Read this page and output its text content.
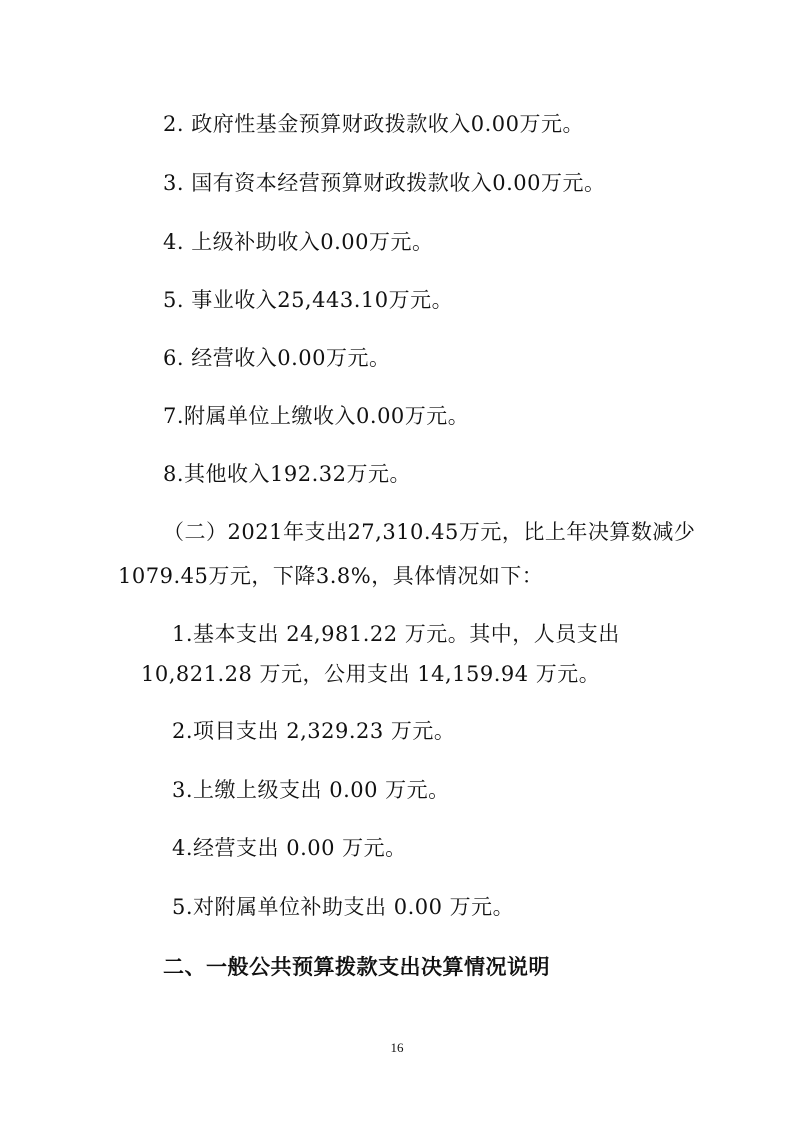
2. 政府性基金预算财政拨款收入0.00万元。
3. 国有资本经营预算财政拨款收入0.00万元。
4. 上级补助收入0.00万元。
5. 事业收入25,443.10万元。
6. 经营收入0.00万元。
7.附属单位上缴收入0.00万元。
8.其他收入192.32万元。
（二）2021年支出27,310.45万元，比上年决算数减少
1079.45万元，下降3.8%，具体情况如下：
1.基本支出 24,981.22 万元。其中，人员支出
10,821.28 万元，公用支出 14,159.94 万元。
2.项目支出 2,329.23 万元。
3.上缴上级支出 0.00 万元。
4.经营支出 0.00 万元。
5.对附属单位补助支出 0.00 万元。
二、一般公共预算拨款支出决算情况说明
16
